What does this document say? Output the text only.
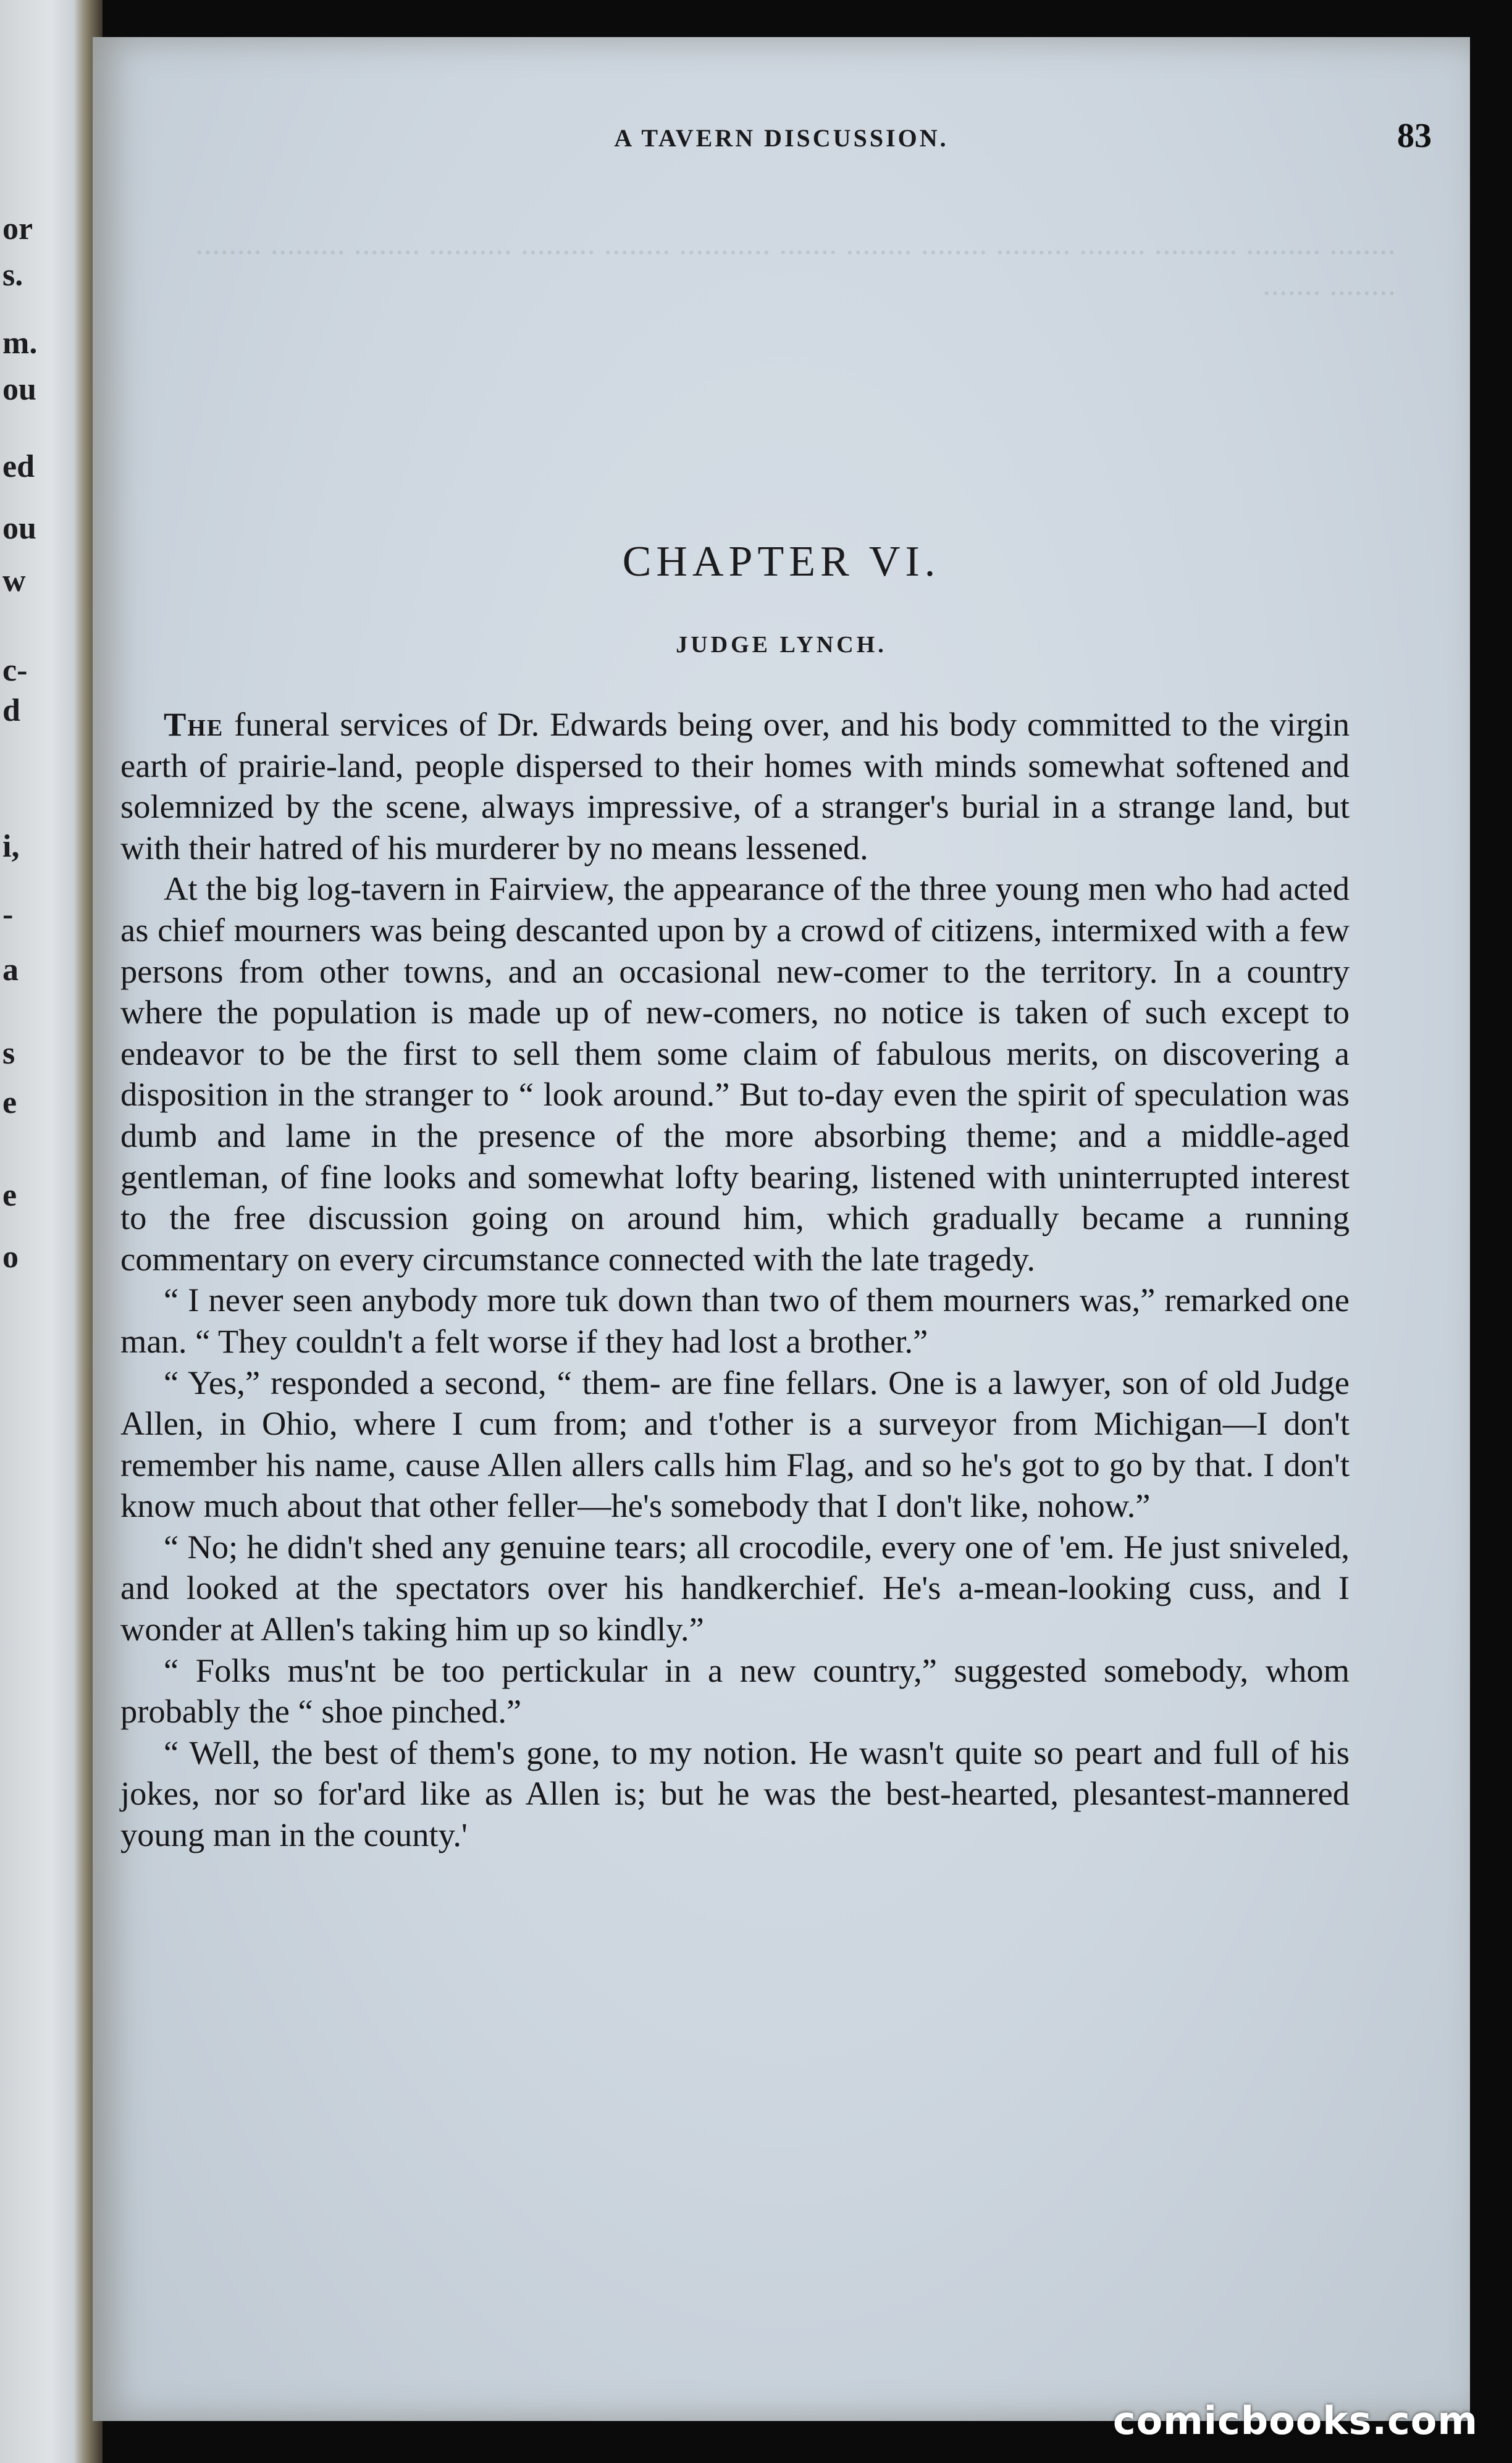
or
s.
m.
ou
ed
ou
w
c-
d
i,
-
a
s
e
e
o
........ ......... .......... ........ ......... ........ ........ ....... ........... ........ ......... .......... ........ ......... ........ ........ .......
A TAVERN DISCUSSION.	83
CHAPTER VI.
JUDGE LYNCH.

The funeral services of Dr. Edwards being over, and his body committed to the virgin earth of prairie-land, people dispersed to their homes with minds somewhat softened and solemnized by the scene, always impressive, of a stranger's burial in a strange land, but with their hatred of his murderer by no means lessened.

At the big log-tavern in Fairview, the appearance of the three young men who had acted as chief mourners was being descanted upon by a crowd of citizens, intermixed with a few persons from other towns, and an occasional new-comer to the territory. In a country where the population is made up of new-comers, no notice is taken of such except to endeavor to be the first to sell them some claim of fabulous merits, on discovering a disposition in the stranger to “ look around.” But to-day even the spirit of speculation was dumb and lame in the presence of the more absorbing theme; and a middle-aged gentleman, of fine looks and somewhat lofty bearing, listened with uninterrupted interest to the free discussion going on around him, which gradually became a running commentary on every circumstance connected with the late tragedy.

“ I never seen anybody more tuk down than two of them mourners was,” remarked one man. “ They couldn't a felt worse if they had lost a brother.”

“ Yes,” responded a second, “ them- are fine fellars. One is a lawyer, son of old Judge Allen, in Ohio, where I cum from; and t'other is a surveyor from Michigan—I don't remember his name, cause Allen allers calls him Flag, and so he's got to go by that. I don't know much about that other feller—he's somebody that I don't like, nohow.”

“ No; he didn't shed any genuine tears; all crocodile, every one of 'em. He just sniveled, and looked at the spectators over his handkerchief. He's a-mean-looking cuss, and I wonder at Allen's taking him up so kindly.”

“ Folks mus'nt be too pertickular in a new country,” suggested somebody, whom probably the “ shoe pinched.”

“ Well, the best of them's gone, to my notion. He wasn't quite so peart and full of his jokes, nor so for'ard like as Allen is; but he was the best-hearted, plesantest-mannered young man in the county.'

comicbooks.com
